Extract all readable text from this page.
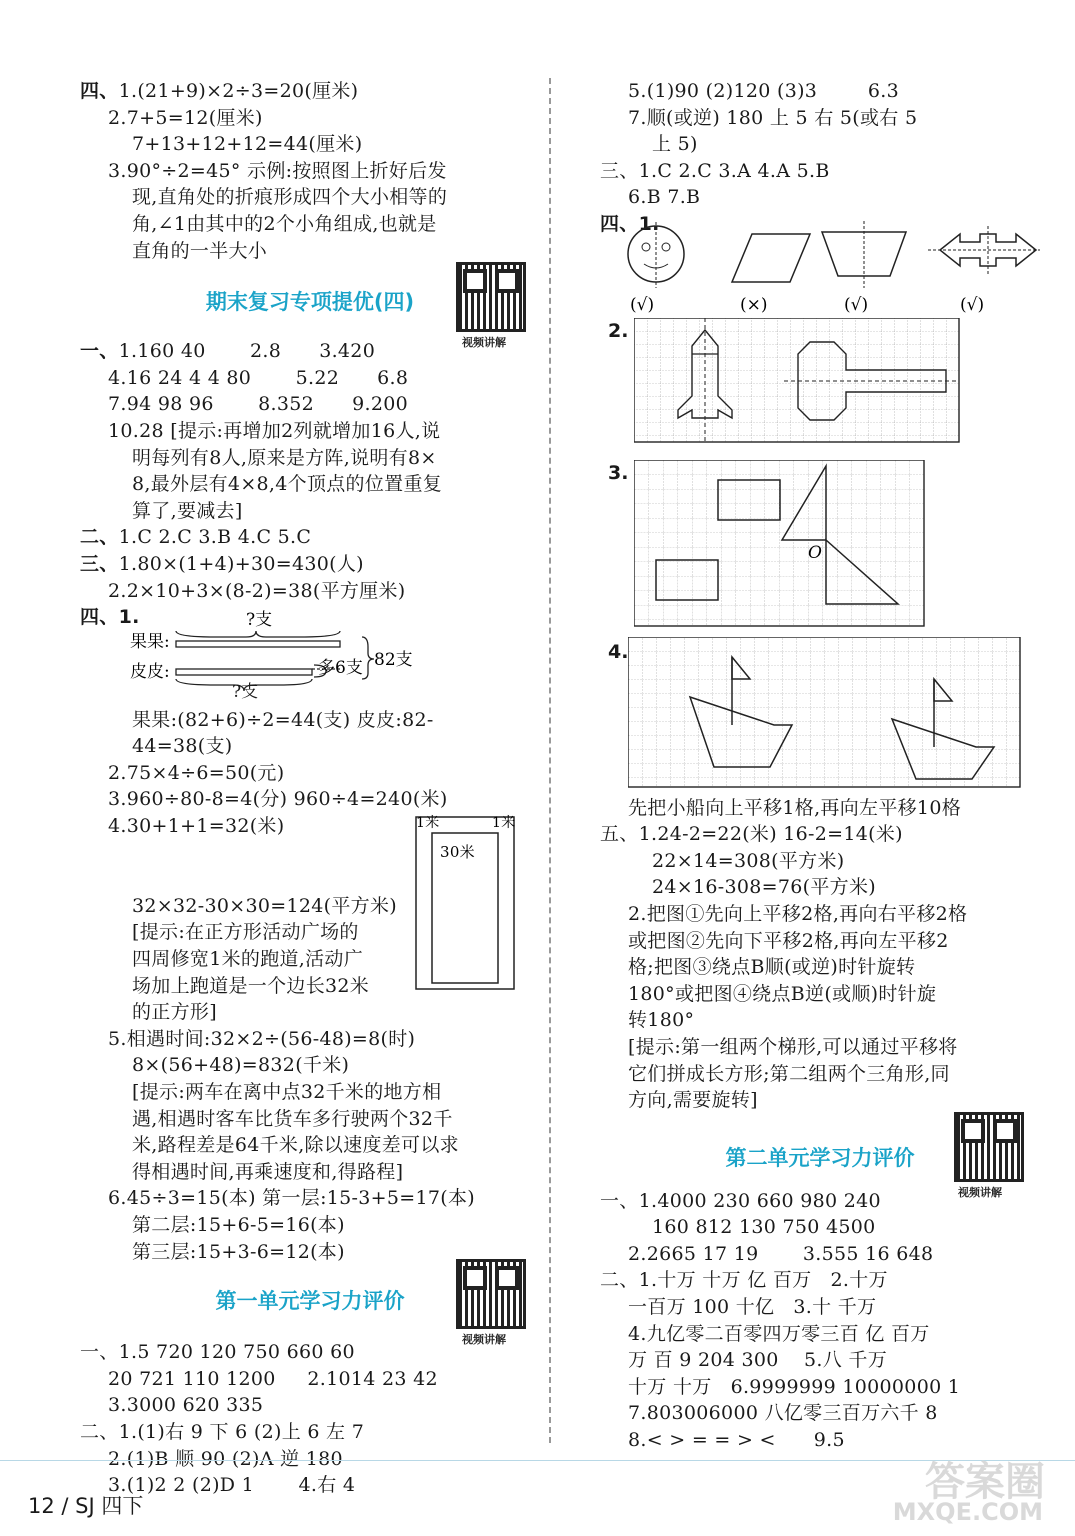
四、1.(21+9)×2÷3=20(厘米)
2.7+5=12(厘米)
7+13+12+12=44(厘米)
3.90°÷2=45° 示例:按照图上折好后发
现,直角处的折痕形成四个大小相等的
角,∠1由其中的2个小角组成,也就是
直角的一半大小
期末复习专项提优(四)
视频讲解
一、1.160 40 2.8 3.420
4.16 24 4 4 80 5.22 6.8
7.94 98 96 8.352 9.200
10.28 [提示:再增加2列就增加16人,说
明每列有8人,原来是方阵,说明有8×
8,最外层有4×8,4个顶点的位置重复
算了,要减去]
二、1.C 2.C 3.B 4.C 5.C
三、1.80×(1+4)+30=430(人)
2.2×10+3×(8-2)=38(平方厘米)
四、1.	?支
果果:
皮皮:	多6支 82支
?支
果果:(82+6)÷2=44(支) 皮皮:82-
44=38(支)
2.75×4÷6=50(元)
3.960÷80-8=4(分) 960÷4=240(米)
4.30+1+1=32(米)
	1米	1米
30米

32×32-30×30=124(平方米)
[提示:在正方形活动广场的
四周修宽1米的跑道,活动广
场加上跑道是一个边长32米
的正方形]
5.相遇时间:32×2÷(56-48)=8(时)
8×(56+48)=832(千米)
[提示:两车在离中点32千米的地方相
遇,相遇时客车比货车多行驶两个32千
米,路程差是64千米,除以速度差可以求
得相遇时间,再乘速度和,得路程]
6.45÷3=15(本) 第一层:15-3+5=17(本)
第二层:15+6-5=16(本)
第三层:15+3-6=12(本)
第一单元学习力评价
视频讲解
一、1.5 720 120 750 660 60
20 721 110 1200 2.1014 23 42
3.3000 620 335
二、1.(1)右 9 下 6 (2)上 6 左 7
2.(1)B 顺 90 (2)A 逆 180
3.(1)2 2 (2)D 1 4.右 4
5.(1)90 (2)120 (3)3	6.3
7.顺(或逆) 180 上 5 右 5(或右 5
上 5)
三、1.C 2.C 3.A 4.A 5.B
6.B 7.B
四、1.
(√)	(×)	(√)	(√)
2.
3.
O
4.
先把小船向上平移1格,再向左平移10格
五、1.24-2=22(米) 16-2=14(米)
22×14=308(平方米)
24×16-308=76(平方米)
2.把图①先向上平移2格,再向右平移2格
或把图②先向下平移2格,再向左平移2
格;把图③绕点B顺(或逆)时针旋转
180°或把图④绕点B逆(或顺)时针旋
转180°
[提示:第一组两个梯形,可以通过平移将
它们拼成长方形;第二组两个三角形,同
方向,需要旋转]
第二单元学习力评价
视频讲解
一、1.4000 230 660 980 240
160 812 130 750 4500
2.2665 17 19 3.555 16 648
二、1.十万 十万 亿 百万 2.十万
一百万 100 十亿 3.十 千万
4.九亿零二百零四万零三百 亿 百万
万 百 9 204 300 5.八 千万
十万 十万 6.9999999 10000000 1
7.803006000 八亿零三百万六千 8
8.< > = = > < 9.5
12 / SJ 四下
答案圈
MXQE.COM
